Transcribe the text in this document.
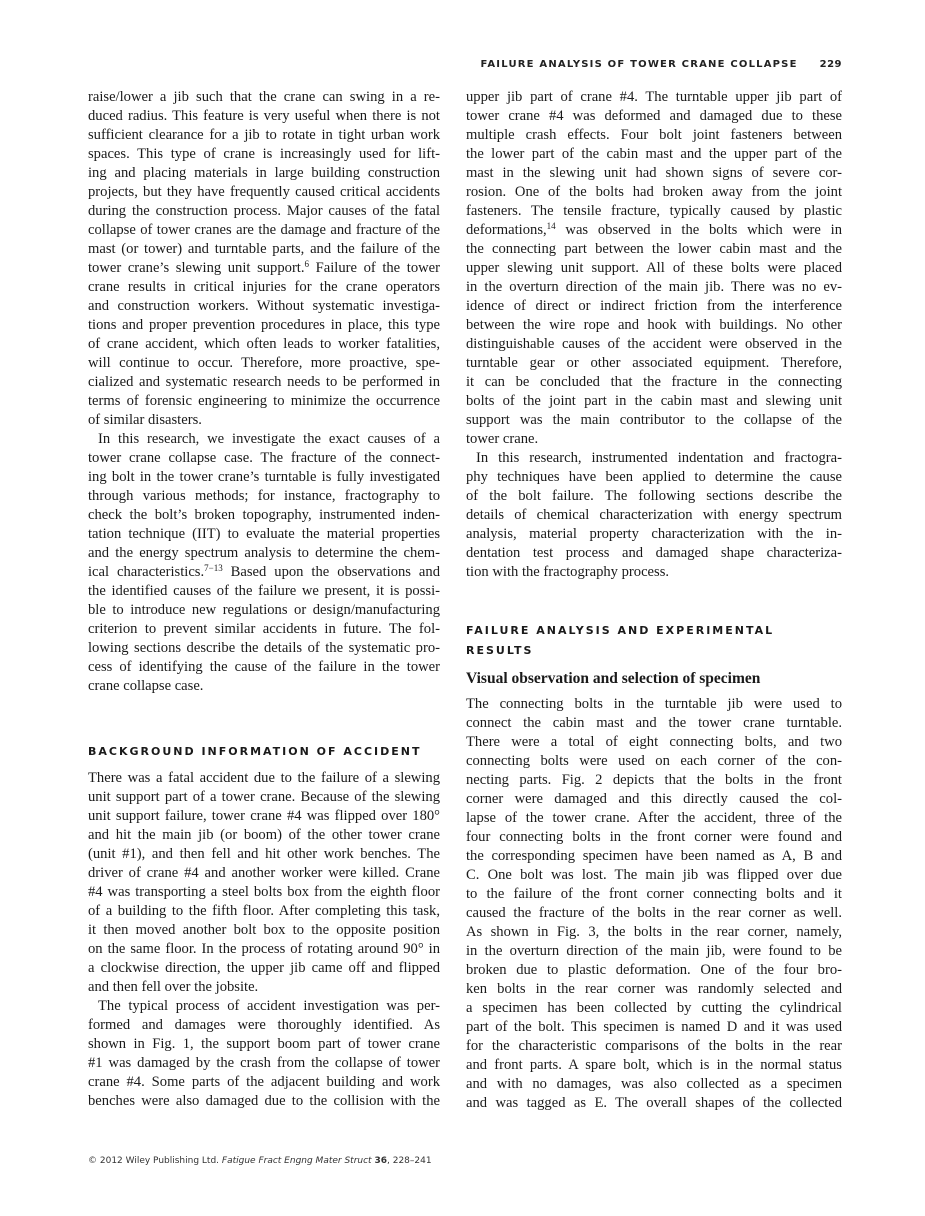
FAILURE ANALYSIS OF TOWER CRANE COLLAPSE 229
raise/lower a jib such that the crane can swing in a re-
duced radius. This feature is very useful when there is not
sufficient clearance for a jib to rotate in tight urban work
spaces. This type of crane is increasingly used for lift-
ing and placing materials in large building construction
projects, but they have frequently caused critical accidents
during the construction process. Major causes of the fatal
collapse of tower cranes are the damage and fracture of the
mast (or tower) and turntable parts, and the failure of the
tower crane’s slewing unit support.$^6$ Failure of the tower
crane results in critical injuries for the crane operators
and construction workers. Without systematic investiga-
tions and proper prevention procedures in place, this type
of crane accident, which often leads to worker fatalities,
will continue to occur. Therefore, more proactive, spe-
cialized and systematic research needs to be performed in
terms of forensic engineering to minimize the occurrence
of similar disasters.
In this research, we investigate the exact causes of a
tower crane collapse case. The fracture of the connect-
ing bolt in the tower crane’s turntable is fully investigated
through various methods; for instance, fractography to
check the bolt’s broken topography, instrumented inden-
tation technique (IIT) to evaluate the material properties
and the energy spectrum analysis to determine the chem-
ical characteristics.$^{7-13}$ Based upon the observations and
the identified causes of the failure we present, it is possi-
ble to introduce new regulations or design/manufacturing
criterion to prevent similar accidents in future. The fol-
lowing sections describe the details of the systematic pro-
cess of identifying the cause of the failure in the tower
crane collapse case.
BACKGROUND INFORMATION OF ACCIDENT
There was a fatal accident due to the failure of a slewing
unit support part of a tower crane. Because of the slewing
unit support failure, tower crane #4 was flipped over 180°
and hit the main jib (or boom) of the other tower crane
(unit #1), and then fell and hit other work benches. The
driver of crane #4 and another worker were killed. Crane
#4 was transporting a steel bolts box from the eighth floor
of a building to the fifth floor. After completing this task,
it then moved another bolt box to the opposite position
on the same floor. In the process of rotating around 90° in
a clockwise direction, the upper jib came off and flipped
and then fell over the jobsite.
The typical process of accident investigation was per-
formed and damages were thoroughly identified. As
shown in Fig. 1, the support boom part of tower crane
#1 was damaged by the crash from the collapse of tower
crane #4. Some parts of the adjacent building and work
benches were also damaged due to the collision with the
upper jib part of crane #4. The turntable upper jib part of
tower crane #4 was deformed and damaged due to these
multiple crash effects. Four bolt joint fasteners between
the lower part of the cabin mast and the upper part of the
mast in the slewing unit had shown signs of severe cor-
rosion. One of the bolts had broken away from the joint
fasteners. The tensile fracture, typically caused by plastic
deformations,$^{14}$ was observed in the bolts which were in
the connecting part between the lower cabin mast and the
upper slewing unit support. All of these bolts were placed
in the overturn direction of the main jib. There was no ev-
idence of direct or indirect friction from the interference
between the wire rope and hook with buildings. No other
distinguishable causes of the accident were observed in the
turntable gear or other associated equipment. Therefore,
it can be concluded that the fracture in the connecting
bolts of the joint part in the cabin mast and slewing unit
support was the main contributor to the collapse of the
tower crane.
In this research, instrumented indentation and fractogra-
phy techniques have been applied to determine the cause
of the bolt failure. The following sections describe the
details of chemical characterization with energy spectrum
analysis, material property characterization with the in-
dentation test process and damaged shape characteriza-
tion with the fractography process.
FAILURE ANALYSIS AND EXPERIMENTAL
RESULTS
Visual observation and selection of specimen
The connecting bolts in the turntable jib were used to
connect the cabin mast and the tower crane turntable.
There were a total of eight connecting bolts, and two
connecting bolts were used on each corner of the con-
necting parts. Fig. 2 depicts that the bolts in the front
corner were damaged and this directly caused the col-
lapse of the tower crane. After the accident, three of the
four connecting bolts in the front corner were found and
the corresponding specimen have been named as A, B and
C. One bolt was lost. The main jib was flipped over due
to the failure of the front corner connecting bolts and it
caused the fracture of the bolts in the rear corner as well.
As shown in Fig. 3, the bolts in the rear corner, namely,
in the overturn direction of the main jib, were found to be
broken due to plastic deformation. One of the four bro-
ken bolts in the rear corner was randomly selected and
a specimen has been collected by cutting the cylindrical
part of the bolt. This specimen is named D and it was used
for the characteristic comparisons of the bolts in the rear
and front parts. A spare bolt, which is in the normal status
and with no damages, was also collected as a specimen
and was tagged as E. The overall shapes of the collected
© 2012 Wiley Publishing Ltd. Fatigue Fract Engng Mater Struct 36, 228–241
